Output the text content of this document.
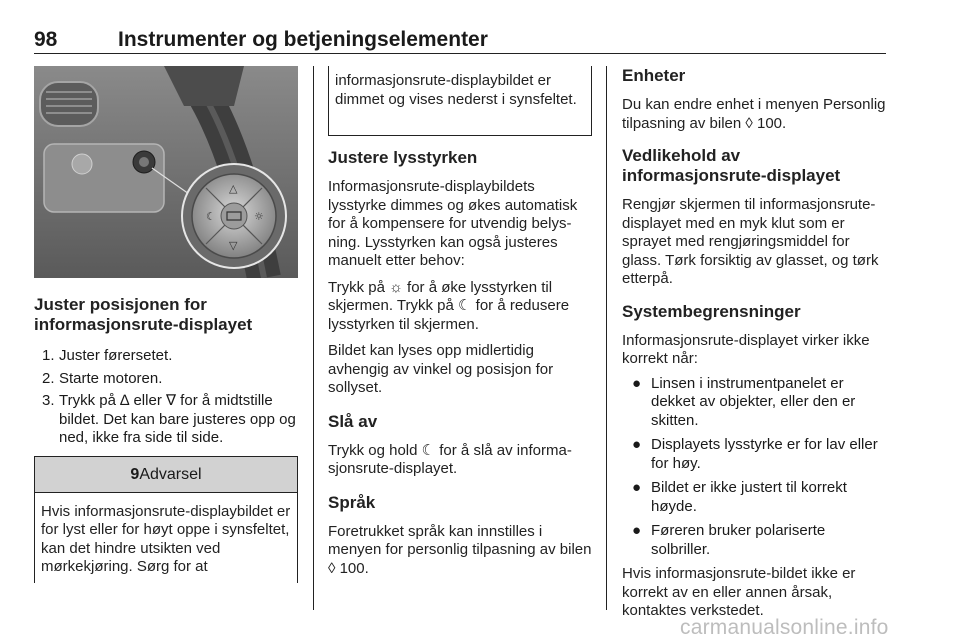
98	Instrumenter og betjeningselementer
△
▽
☾	☼
Juster posisjonen for informasjonsrute-displayet
1. Juster førersetet.
2. Starte motoren.
3. Trykk på ∆ eller ∇ for å midtstille bildet. Det kan bare justeres opp og ned, ikke fra side til side.
9Advarsel

Hvis informasjonsrute-displaybildet er for lyst eller for høyt oppe i synsfeltet, kan det hindre utsikten ved mørkekjøring. Sørg for at

informasjonsrute-displaybildet er dimmet og vises nederst i synsfeltet.

Justere lysstyrken

Informasjonsrute-displaybildets lysstyrke dimmes og økes automatisk for å kompensere for utvendig belysning. Lysstyrken kan også justeres manuelt etter behov:

Trykk på ☼ for å øke lysstyrken til skjermen. Trykk på ☾ for å redusere lysstyrken til skjermen.

Bildet kan lyses opp midlertidig avhengig av vinkel og posisjon for sollyset.

Slå av

Trykk og hold ☾ for å slå av informasjonsrute-displayet.

Språk

Foretrukket språk kan innstilles i menyen for personlig tilpasning av bilen ◊ 100.

Enheter

Du kan endre enhet i menyen Personlig tilpasning av bilen ◊ 100.

Vedlikehold av informasjonsrute-displayet

Rengjør skjermen til informasjonsrute-displayet med en myk klut som er sprayet med rengjøringsmiddel for glass. Tørk forsiktig av glasset, og tørk etterpå.

Systembegrensninger

Informasjonsrute-displayet virker ikke korrekt når:

● Linsen i instrumentpanelet er dekket av objekter, eller den er skitten.
● Displayets lysstyrke er for lav eller for høy.
● Bildet er ikke justert til korrekt høyde.
● Føreren bruker polariserte solbriller.

Hvis informasjonsrute-bildet ikke er korrekt av en eller annen årsak, kontaktes verkstedet.

carmanualsonline.info
